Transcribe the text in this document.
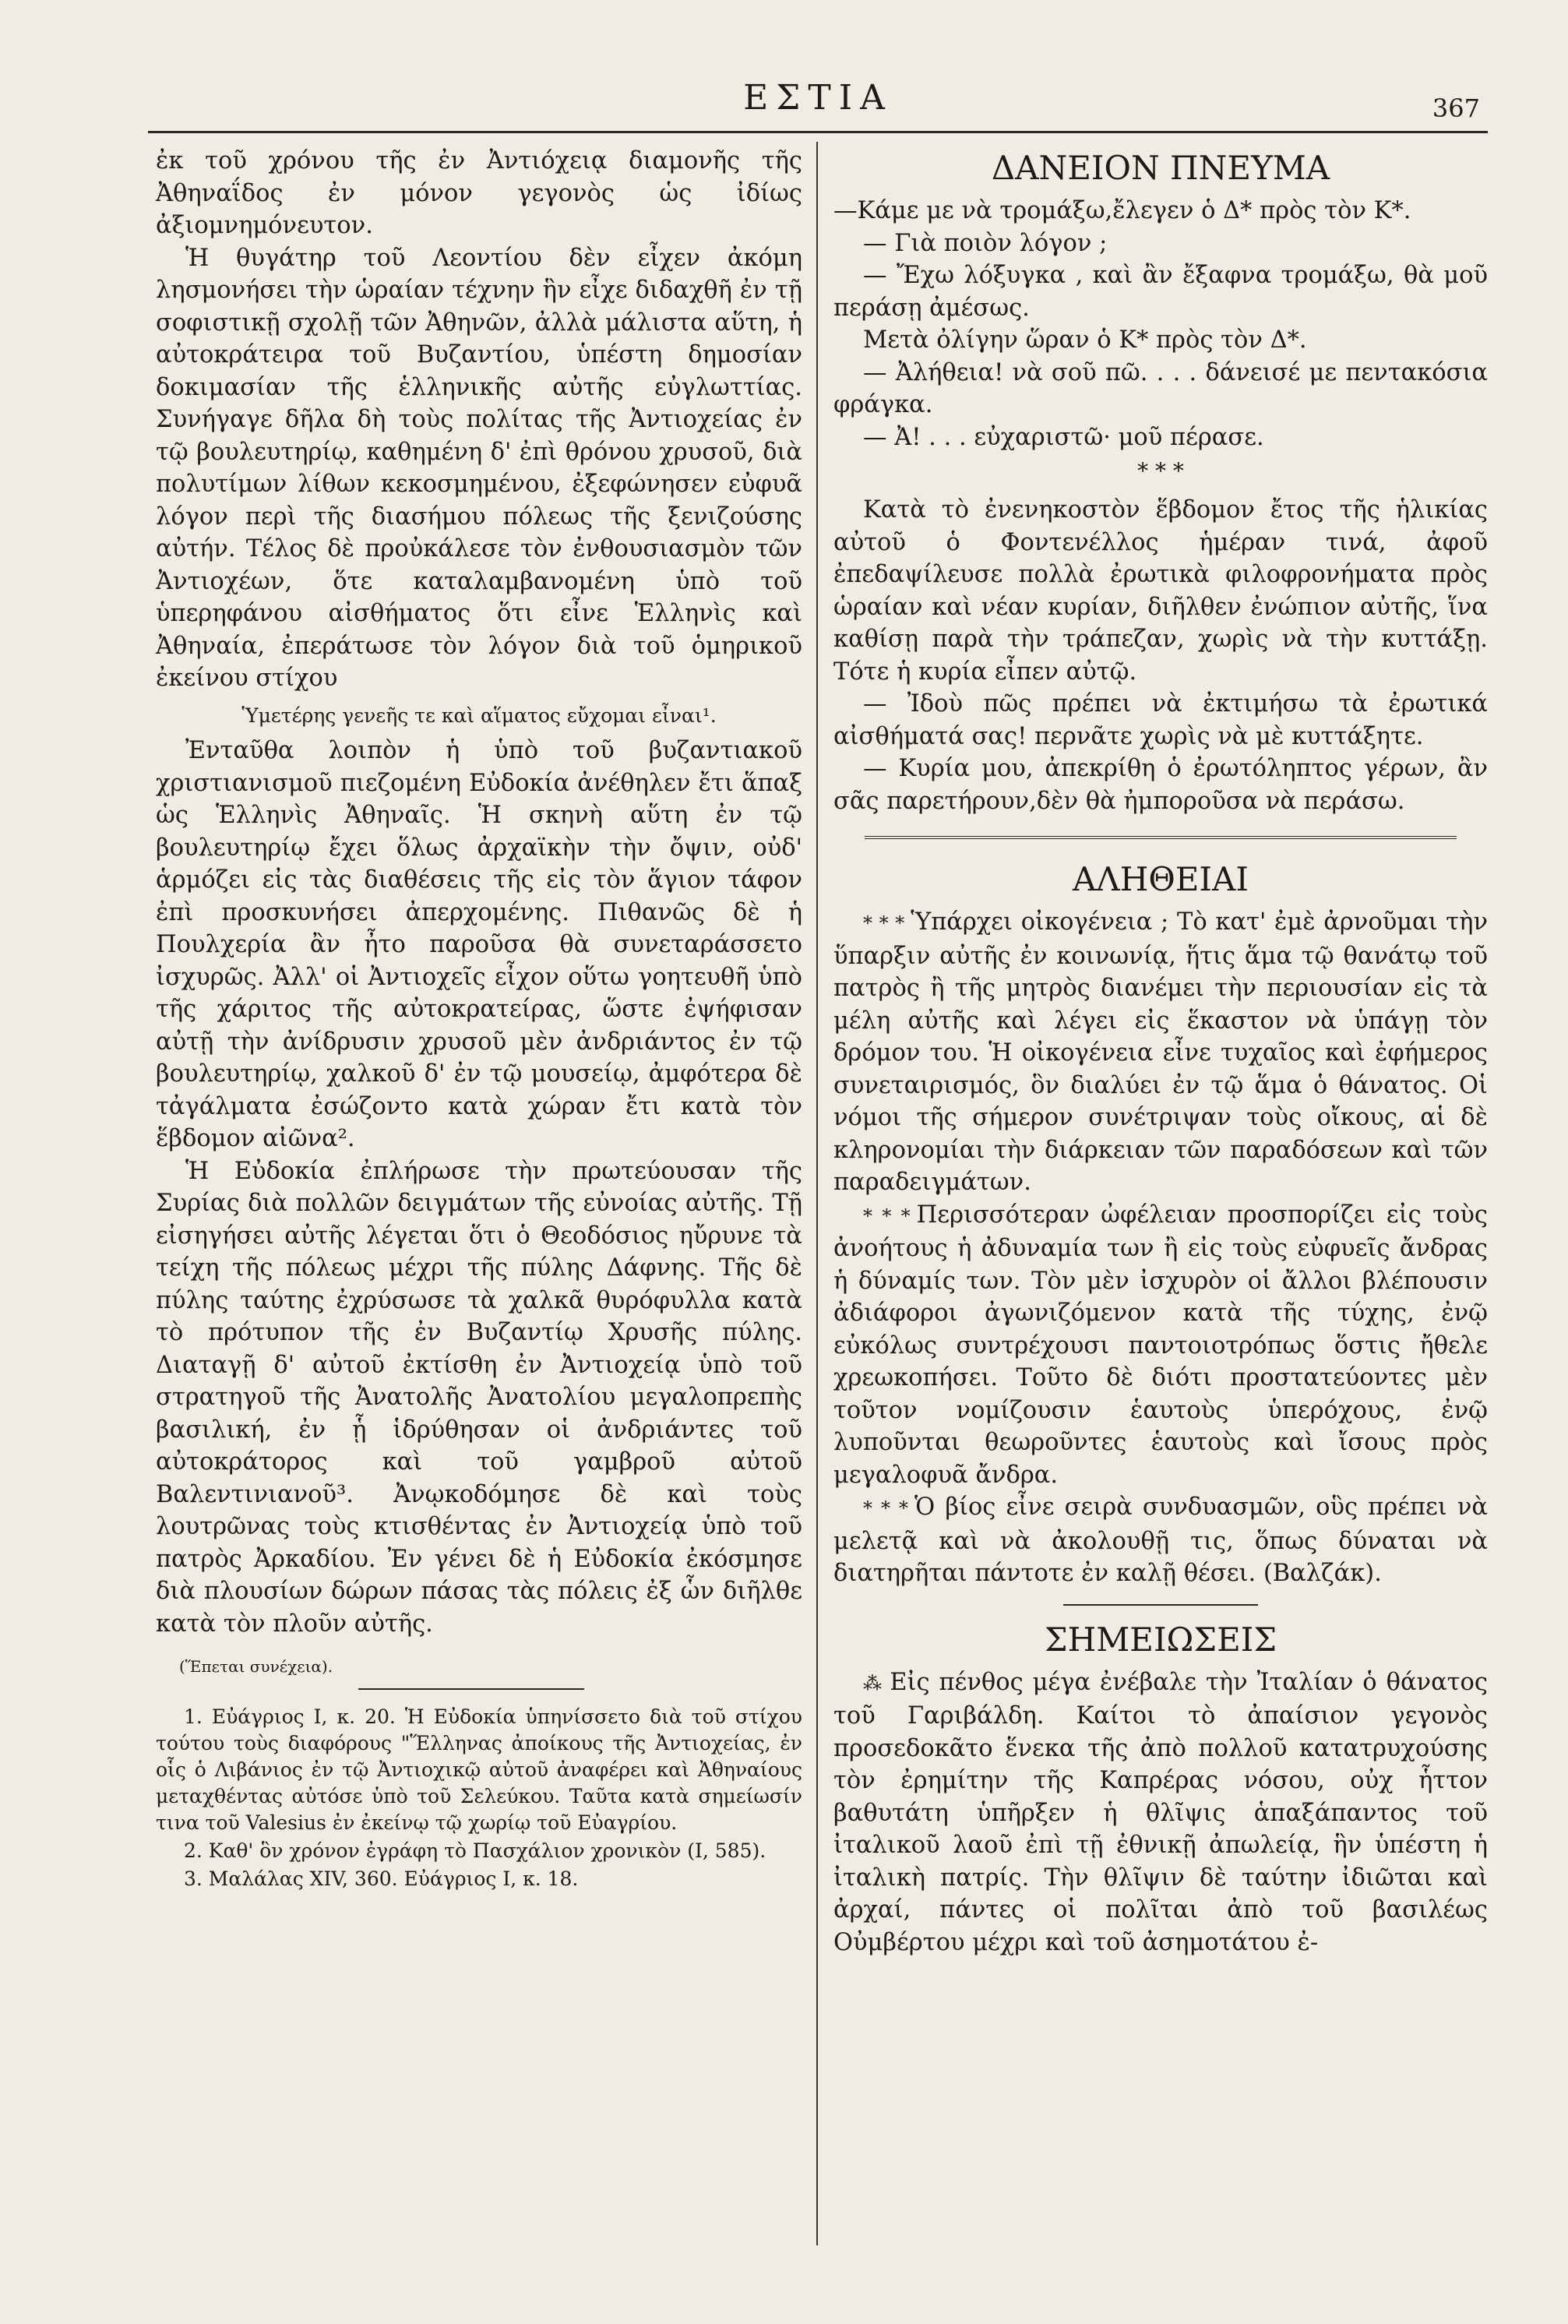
ΕΣΤΙΑ	367

ἐκ τοῦ χρόνου τῆς ἐν Ἀντιόχειᾳ διαμονῆς τῆς Ἀθηναΐδος ἐν μόνον γεγονὸς ὡς ἰδίως ἀξιομνημόνευτον.

Ἡ θυγάτηρ τοῦ Λεοντίου δὲν εἶχεν ἀκόμη λησμονήσει τὴν ὡραίαν τέχνην ἣν εἶχε διδαχθῆ ἐν τῇ σοφιστικῇ σχολῇ τῶν Ἀθηνῶν, ἀλλὰ μάλιστα αὕτη, ἡ αὐτοκράτειρα τοῦ Βυζαντίου, ὑπέστη δημοσίαν δοκιμασίαν τῆς ἑλληνικῆς αὐτῆς εὐγλωττίας. Συνήγαγε δῆλα δὴ τοὺς πολίτας τῆς Ἀντιοχείας ἐν τῷ βουλευτηρίῳ, καθημένη δ' ἐπὶ θρόνου χρυσοῦ, διὰ πολυτίμων λίθων κεκοσμημένου, ἐξεφώνησεν εὐφυᾶ λόγον περὶ τῆς διασήμου πόλεως τῆς ξενιζούσης αὐτήν. Τέλος δὲ προὐκάλεσε τὸν ἐνθουσιασμὸν τῶν Ἀντιοχέων, ὅτε καταλαμβανομένη ὑπὸ τοῦ ὑπερηφάνου αἰσθήματος ὅτι εἶνε Ἑλληνὶς καὶ Ἀθηναία, ἐπεράτωσε τὸν λόγον διὰ τοῦ ὁμηρικοῦ ἐκείνου στίχου

Ὑμετέρης γενεῆς τε καὶ αἵματος εὔχομαι εἶναι¹.

Ἐνταῦθα λοιπὸν ἡ ὑπὸ τοῦ βυζαντιακοῦ χριστιανισμοῦ πιεζομένη Εὐδοκία ἀνέθηλεν ἔτι ἅπαξ ὡς Ἑλληνὶς Ἀθηναῖς. Ἡ σκηνὴ αὕτη ἐν τῷ βουλευτηρίῳ ἔχει ὅλως ἀρχαϊκὴν τὴν ὄψιν, οὐδ' ἁρμόζει εἰς τὰς διαθέσεις τῆς εἰς τὸν ἅγιον τάφον ἐπὶ προσκυνήσει ἀπερχομένης. Πιθανῶς δὲ ἡ Πουλχερία ἂν ἦτο παροῦσα θὰ συνεταράσσετο ἰσχυρῶς. Ἀλλ' οἱ Ἀντιοχεῖς εἶχον οὕτω γοητευθῆ ὑπὸ τῆς χάριτος τῆς αὐτοκρατείρας, ὥστε ἐψήφισαν αὐτῇ τὴν ἀνίδρυσιν χρυσοῦ μὲν ἀνδριάντος ἐν τῷ βουλευτηρίῳ, χαλκοῦ δ' ἐν τῷ μουσείῳ, ἀμφότερα δὲ τἀγάλματα ἐσώζοντο κατὰ χώραν ἔτι κατὰ τὸν ἕβδομον αἰῶνα².

Ἡ Εὐδοκία ἐπλήρωσε τὴν πρωτεύουσαν τῆς Συρίας διὰ πολλῶν δειγμάτων τῆς εὐνοίας αὐτῆς. Τῇ εἰσηγήσει αὐτῆς λέγεται ὅτι ὁ Θεοδόσιος ηὔρυνε τὰ τείχη τῆς πόλεως μέχρι τῆς πύλης Δάφνης. Τῆς δὲ πύλης ταύτης ἐχρύσωσε τὰ χαλκᾶ θυρόφυλλα κατὰ τὸ πρότυπον τῆς ἐν Βυζαντίῳ Χρυσῆς πύλης. Διαταγῇ δ' αὐτοῦ ἐκτίσθη ἐν Ἀντιοχείᾳ ὑπὸ τοῦ στρατηγοῦ τῆς Ἀνατολῆς Ἀνατολίου μεγαλοπρεπὴς βασιλική, ἐν ᾗ ἱδρύθησαν οἱ ἀνδριάντες τοῦ αὐτοκράτορος καὶ τοῦ γαμβροῦ αὐτοῦ Βαλεντινιανοῦ³. Ἀνῳκοδόμησε δὲ καὶ τοὺς λουτρῶνας τοὺς κτισθέντας ἐν Ἀντιοχείᾳ ὑπὸ τοῦ πατρὸς Ἀρκαδίου. Ἐν γένει δὲ ἡ Εὐδοκία ἐκόσμησε διὰ πλουσίων δώρων πάσας τὰς πόλεις ἐξ ὧν διῆλθε κατὰ τὸν πλοῦν αὐτῆς.

(Ἕπεται συνέχεια).

1. Εὐάγριος Ι, κ. 20. Ἡ Εὐδοκία ὑπηνίσσετο διὰ τοῦ στίχου τούτου τοὺς διαφόρους "Ἕλληνας ἀποίκους τῆς Ἀντιοχείας, ἐν οἷς ὁ Λιβάνιος ἐν τῷ Ἀντιοχικῷ αὐτοῦ ἀναφέρει καὶ Ἀθηναίους μεταχθέντας αὐτόσε ὑπὸ τοῦ Σελεύκου. Ταῦτα κατὰ σημείωσίν τινα τοῦ Valesius ἐν ἐκείνῳ τῷ χωρίῳ τοῦ Εὐαγρίου.

2. Καθ' ὃν χρόνον ἐγράφη τὸ Πασχάλιον χρονικὸν (I, 585).

3. Μαλάλας XIV, 360. Εὐάγριος I, κ. 18.

ΔΑΝΕΙΟΝ ΠΝΕΥΜΑ

—Κάμε με νὰ τρομάξω,ἔλεγεν ὁ Δ* πρὸς τὸν Κ*.

— Γιὰ ποιὸν λόγον ;

— Ἔχω λόξυγκα , καὶ ἂν ἔξαφνα τρομάξω, θὰ μοῦ περάσῃ ἀμέσως.

Μετὰ ὀλίγην ὥραν ὁ Κ* πρὸς τὸν Δ*.

— Ἀλήθεια! νὰ σοῦ πῶ. . . . δάνεισέ με πεντακόσια φράγκα.

— Ἀ! . . . εὐχαριστῶ· μοῦ πέρασε.

* * *

Κατὰ τὸ ἐνενηκοστὸν ἕβδομον ἔτος τῆς ἡλικίας αὐτοῦ ὁ Φοντενέλλος ἡμέραν τινά, ἀφοῦ ἐπεδαψίλευσε πολλὰ ἐρωτικὰ φιλοφρονήματα πρὸς ὡραίαν καὶ νέαν κυρίαν, διῆλθεν ἐνώπιον αὐτῆς, ἵνα καθίσῃ παρὰ τὴν τράπεζαν, χωρὶς νὰ τὴν κυττάξῃ. Τότε ἡ κυρία εἶπεν αὐτῷ.

— Ἰδοὺ πῶς πρέπει νὰ ἐκτιμήσω τὰ ἐρωτικά αἰσθήματά σας! περνᾶτε χωρὶς νὰ μὲ κυττάξητε.

— Κυρία μου, ἀπεκρίθη ὁ ἐρωτόληπτος γέρων, ἂν σᾶς παρετήρουν,δὲν θὰ ἠμποροῦσα νὰ περάσω.

ΑΛΗΘΕΙΑΙ

* * * Ὑπάρχει οἰκογένεια ; Τὸ κατ' ἐμὲ ἀρνοῦμαι τὴν ὕπαρξιν αὐτῆς ἐν κοινωνίᾳ, ἥτις ἅμα τῷ θανάτῳ τοῦ πατρὸς ἢ τῆς μητρὸς διανέμει τὴν περιουσίαν εἰς τὰ μέλη αὐτῆς καὶ λέγει εἰς ἕκαστον νὰ ὑπάγῃ τὸν δρόμον του. Ἡ οἰκογένεια εἶνε τυχαῖος καὶ ἐφήμερος συνεταιρισμός, ὃν διαλύει ἐν τῷ ἅμα ὁ θάνατος. Οἱ νόμοι τῆς σήμερον συνέτριψαν τοὺς οἴκους, αἱ δὲ κληρονομίαι τὴν διάρκειαν τῶν παραδόσεων καὶ τῶν παραδειγμάτων.

* * * Περισσότεραν ὠφέλειαν προσπορίζει εἰς τοὺς ἀνοήτους ἡ ἀδυναμία των ἢ εἰς τοὺς εὐφυεῖς ἄνδρας ἡ δύναμίς των. Τὸν μὲν ἰσχυρὸν οἱ ἄλλοι βλέπουσιν ἀδιάφοροι ἀγωνιζόμενον κατὰ τῆς τύχης, ἐνῷ εὐκόλως συντρέχουσι παντοιοτρόπως ὅστις ἤθελε χρεωκοπήσει. Τοῦτο δὲ διότι προστατεύοντες μὲν τοῦτον νομίζουσιν ἑαυτοὺς ὑπερόχους, ἐνῷ λυποῦνται θεωροῦντες ἑαυτοὺς καὶ ἴσους πρὸς μεγαλοφυᾶ ἄνδρα.

* * * Ὁ βίος εἶνε σειρὰ συνδυασμῶν, οὓς πρέπει νὰ μελετᾷ καὶ νὰ ἀκολουθῇ τις, ὅπως δύναται νὰ διατηρῆται πάντοτε ἐν καλῇ θέσει. (Βαλζάκ).

ΣΗΜΕΙΩΣΕΙΣ

⁂ Εἰς πένθος μέγα ἐνέβαλε τὴν Ἰταλίαν ὁ θάνατος τοῦ Γαριβάλδη. Καίτοι τὸ ἀπαίσιον γεγονὸς προσεδοκᾶτο ἕνεκα τῆς ἀπὸ πολλοῦ κατατρυχούσης τὸν ἐρημίτην τῆς Καπρέρας νόσου, οὐχ ἧττον βαθυτάτη ὑπῆρξεν ἡ θλῖψις ἁπαξάπαντος τοῦ ἰταλικοῦ λαοῦ ἐπὶ τῇ ἐθνικῇ ἀπωλείᾳ, ἣν ὑπέστη ἡ ἰταλικὴ πατρίς. Τὴν θλῖψιν δὲ ταύτην ἰδιῶται καὶ ἀρχαί, πάντες οἱ πολῖται ἀπὸ τοῦ βασιλέως Οὐμβέρτου μέχρι καὶ τοῦ ἀσημοτάτου ἐ-
